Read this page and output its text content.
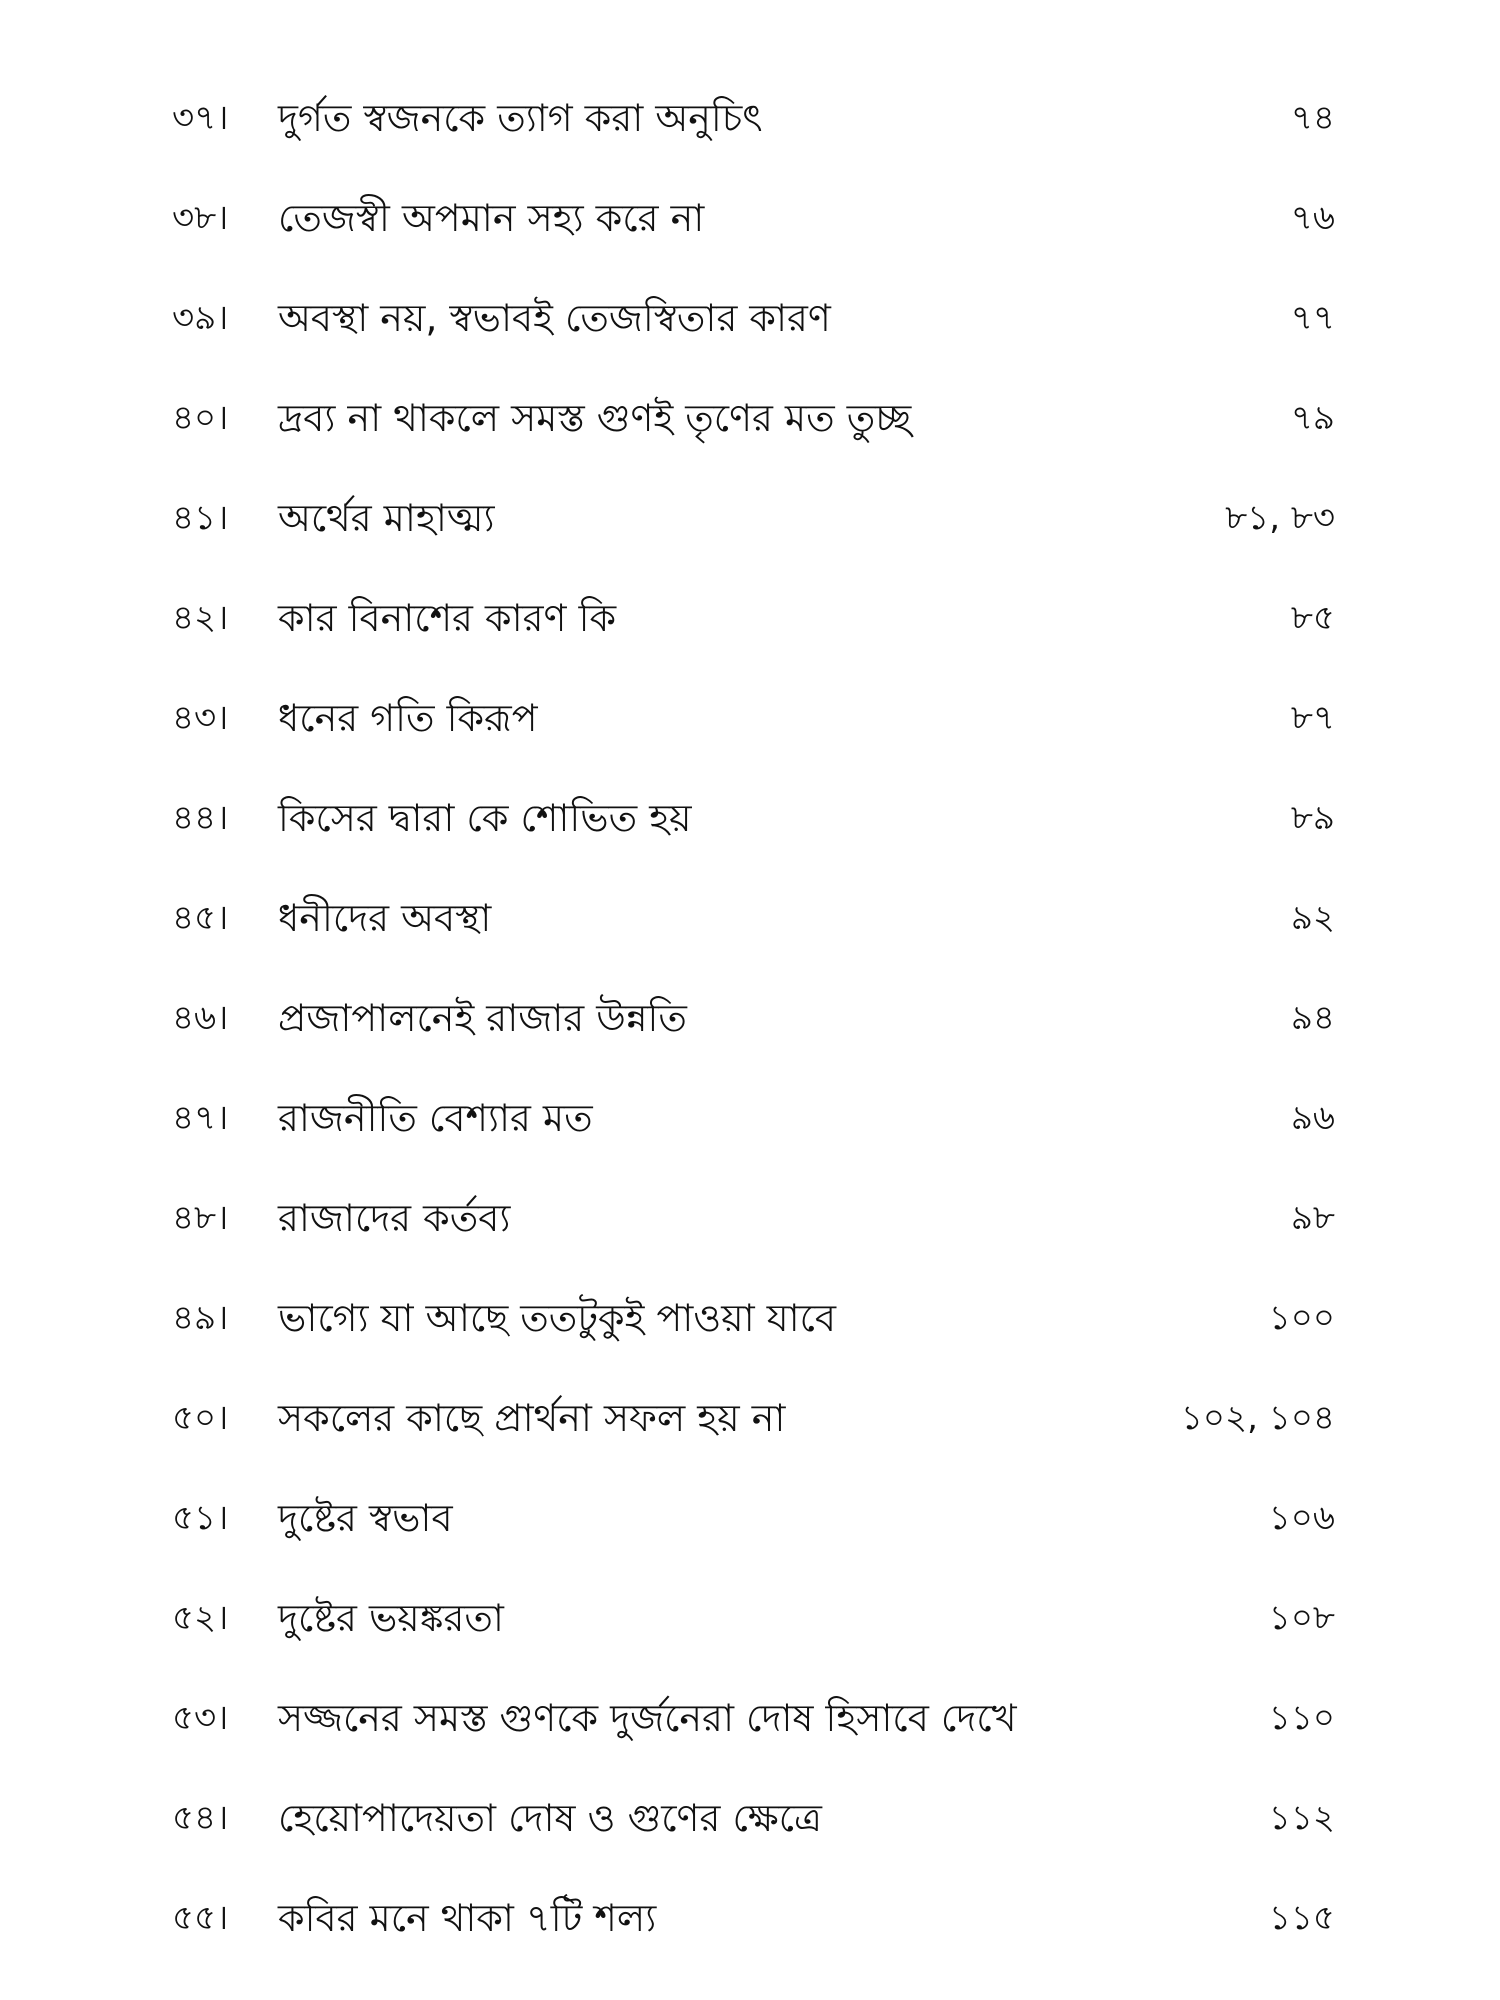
৩৭।	দুর্গত স্বজনকে ত্যাগ করা অনুচিৎ	৭৪
৩৮।	তেজস্বী অপমান সহ্য করে না	৭৬
৩৯।	অবস্থা নয়, স্বভাবই তেজস্বিতার কারণ	৭৭
৪০।	দ্রব্য না থাকলে সমস্ত গুণই তৃণের মত তুচ্ছ	৭৯
৪১।	অর্থের মাহাত্ম্য	৮১, ৮৩
৪২।	কার বিনাশের কারণ কি	৮৫
৪৩।	ধনের গতি কিরূপ	৮৭
৪৪।	কিসের দ্বারা কে শোভিত হয়	৮৯
৪৫।	ধনীদের অবস্থা	৯২
৪৬।	প্রজাপালনেই রাজার উন্নতি	৯৪
৪৭।	রাজনীতি বেশ্যার মত	৯৬
৪৮।	রাজাদের কর্তব্য	৯৮
৪৯।	ভাগ্যে যা আছে ততটুকুই পাওয়া যাবে	১০০
৫০।	সকলের কাছে প্রার্থনা সফল হয় না	১০২, ১০৪
৫১।	দুষ্টের স্বভাব	১০৬
৫২।	দুষ্টের ভয়ঙ্করতা	১০৮
৫৩।	সজ্জনের সমস্ত গুণকে দুর্জনেরা দোষ হিসাবে দেখে	১১০
৫৪।	হেয়োপাদেয়তা দোষ ও গুণের ক্ষেত্রে	১১২
৫৫।	কবির মনে থাকা ৭টি শল্য	১১৫
